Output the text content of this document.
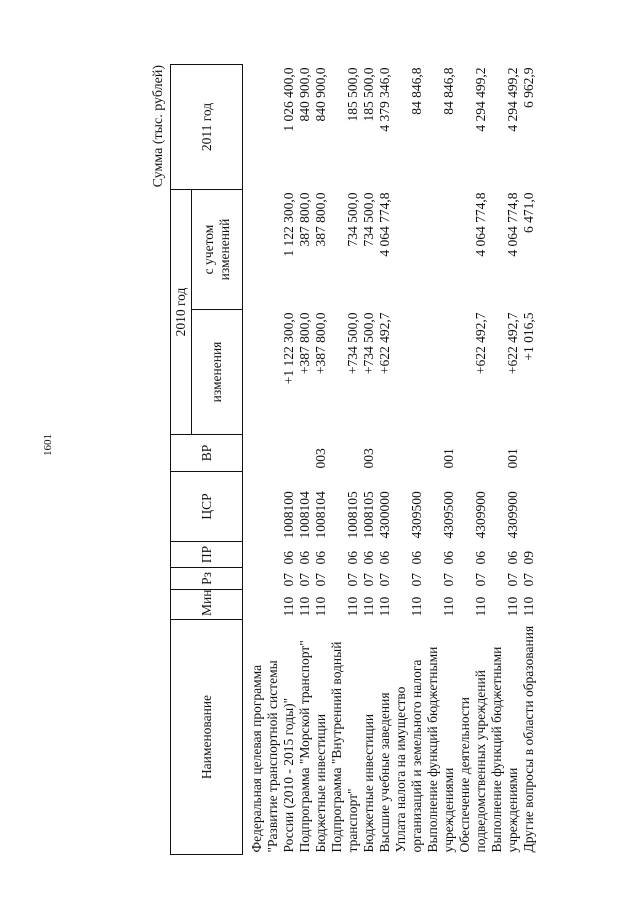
1601
Сумма (тыс. рублей)
Наименование	Мин	Рз	ПР	ЦСР	ВР	2010 год		2011 год
						изменения	с учетом изменений	

Федеральная целевая программа "Развитие транспортной системы России (2010 - 2015 годы)"	110	07	06	1008100		+1 122 300,0	1 122 300,0	1 026 400,0
Подпрограмма "Морской транспорт"	110	07	06	1008104		+387 800,0	387 800,0	840 900,0
Бюджетные инвестиции	110	07	06	1008104	003	+387 800,0	387 800,0	840 900,0
Подпрограмма "Внутренний водный транспорт"	110	07	06	1008105		+734 500,0	734 500,0	185 500,0
Бюджетные инвестиции	110	07	06	1008105	003	+734 500,0	734 500,0	185 500,0
Высшие учебные заведения	110	07	06	4300000		+622 492,7	4 064 774,8	4 379 346,0
Уплата налога на имущество организаций и земельного налога	110	07	06	4309500				84 846,8
Выполнение функций бюджетными учреждениями	110	07	06	4309500	001			84 846,8
Обеспечение деятельности подведомственных учреждений	110	07	06	4309900		+622 492,7	4 064 774,8	4 294 499,2
Выполнение функций бюджетными учреждениями	110	07	06	4309900	001	+622 492,7	4 064 774,8	4 294 499,2
Другие вопросы в области образования	110	07	09			+1 016,5	6 471,0	6 962,9
